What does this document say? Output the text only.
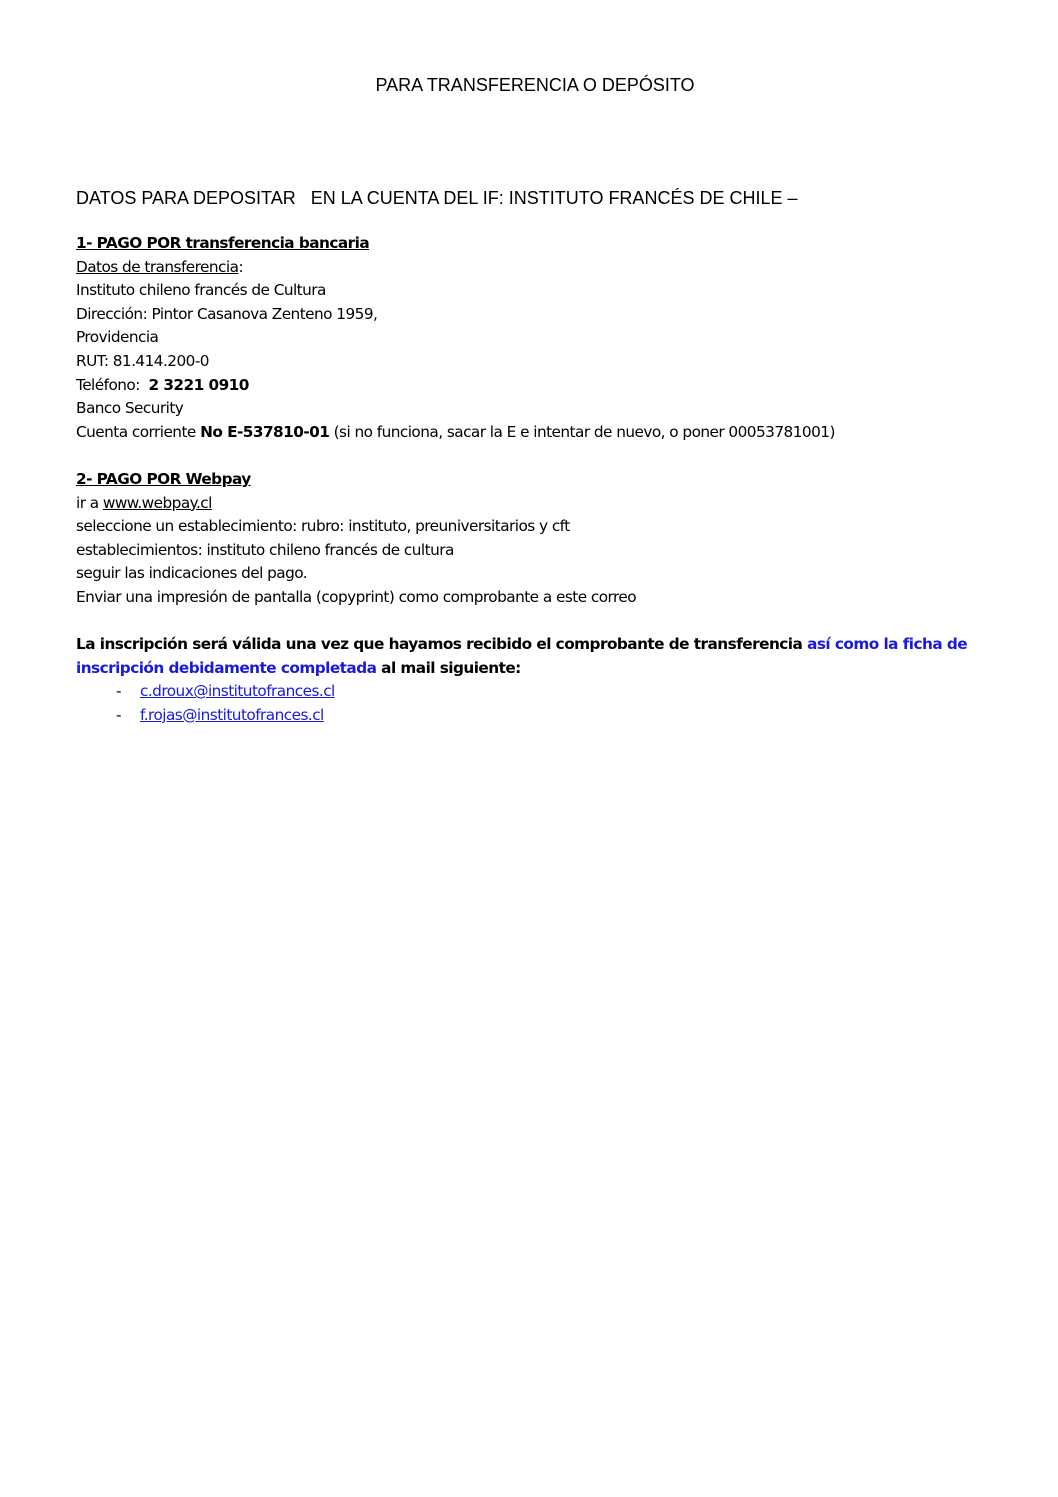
PARA TRANSFERENCIA O DEPÓSITO
DATOS PARA DEPOSITAR   EN LA CUENTA DEL IF: INSTITUTO FRANCÉS DE CHILE –
1- PAGO POR transferencia bancaria
Datos de transferencia:
Instituto chileno francés de Cultura
Dirección: Pintor Casanova Zenteno 1959,
Providencia
RUT: 81.414.200-0
Teléfono:  2 3221 0910
Banco Security
Cuenta corriente No E-537810-01 (si no funciona, sacar la E e intentar de nuevo, o poner 00053781001)
2- PAGO POR Webpay
ir a www.webpay.cl
seleccione un establecimiento: rubro: instituto, preuniversitarios y cft
establecimientos: instituto chileno francés de cultura
seguir las indicaciones del pago.
Enviar una impresión de pantalla (copyprint) como comprobante a este correo
La inscripción será válida una vez que hayamos recibido el comprobante de transferencia así como la ficha de
inscripción debidamente completada al mail siguiente:
- c.droux@institutofrances.cl
- f.rojas@institutofrances.cl
